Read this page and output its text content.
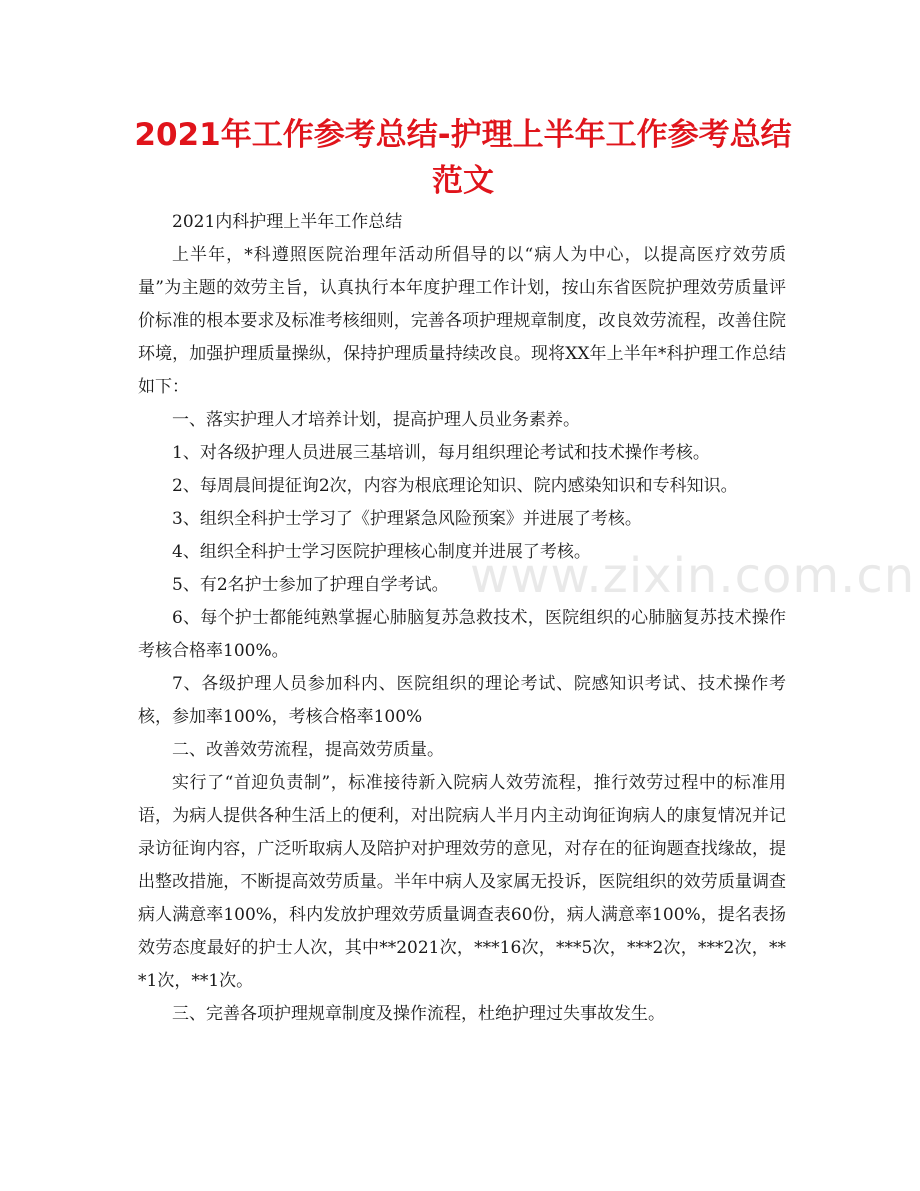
2021年工作参考总结-护理上半年工作参考总结范文
www.zixin.com.cn

2021内科护理上半年工作总结

上半年，*科遵照医院治理年活动所倡导的以“病人为中心，以提高医疗效劳质量”为主题的效劳主旨，认真执行本年度护理工作计划，按山东省医院护理效劳质量评价标准的根本要求及标准考核细则，完善各项护理规章制度，改良效劳流程，改善住院环境，加强护理质量操纵，保持护理质量持续改良。现将XX年上半年*科护理工作总结如下：

一、落实护理人才培养计划，提高护理人员业务素养。

1、对各级护理人员进展三基培训，每月组织理论考试和技术操作考核。

2、每周晨间提征询2次，内容为根底理论知识、院内感染知识和专科知识。

3、组织全科护士学习了《护理紧急风险预案》并进展了考核。

4、组织全科护士学习医院护理核心制度并进展了考核。

5、有2名护士参加了护理自学考试。

6、每个护士都能纯熟掌握心肺脑复苏急救技术，医院组织的心肺脑复苏技术操作考核合格率100%。

7、各级护理人员参加科内、医院组织的理论考试、院感知识考试、技术操作考核，参加率100%，考核合格率100%

二、改善效劳流程，提高效劳质量。

实行了“首迎负责制”，标准接待新入院病人效劳流程，推行效劳过程中的标准用语，为病人提供各种生活上的便利，对出院病人半月内主动询征询病人的康复情况并记录访征询内容，广泛听取病人及陪护对护理效劳的意见，对存在的征询题查找缘故，提出整改措施，不断提高效劳质量。半年中病人及家属无投诉，医院组织的效劳质量调查病人满意率100%，科内发放护理效劳质量调查表60份，病人满意率100%，提名表扬效劳态度最好的护士人次，其中**2021次，***16次，***5次，***2次，***2次，***1次，**1次。

三、完善各项护理规章制度及操作流程，杜绝护理过失事故发生。
